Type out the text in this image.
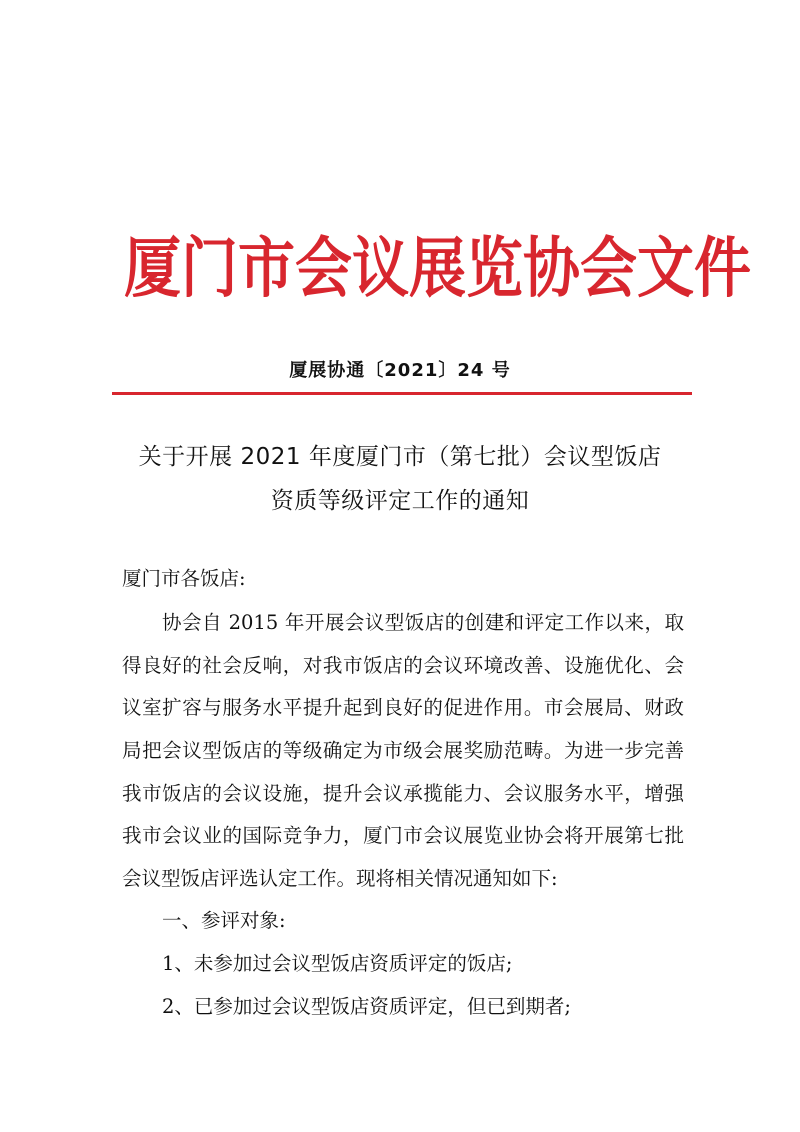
厦 门 市 会 议 展 览 协 会 文 件
厦展协通〔2021〕24 号
关于开展 2021 年度厦门市（第七批）会议型饭店
资质等级评定工作的通知
厦门市各饭店:
协会自 2015 年开展会议型饭店的创建和评定工作以来，取
得良好的社会反响，对我市饭店的会议环境改善、设施优化、会
议室扩容与服务水平提升起到良好的促进作用。市会展局、财政
局把会议型饭店的等级确定为市级会展奖励范畴。为进一步完善
我市饭店的会议设施，提升会议承揽能力、会议服务水平，增强
我市会议业的国际竞争力，厦门市会议展览业协会将开展第七批
会议型饭店评选认定工作。现将相关情况通知如下:
一、参评对象:
1、未参加过会议型饭店资质评定的饭店;
2、已参加过会议型饭店资质评定，但已到期者;
